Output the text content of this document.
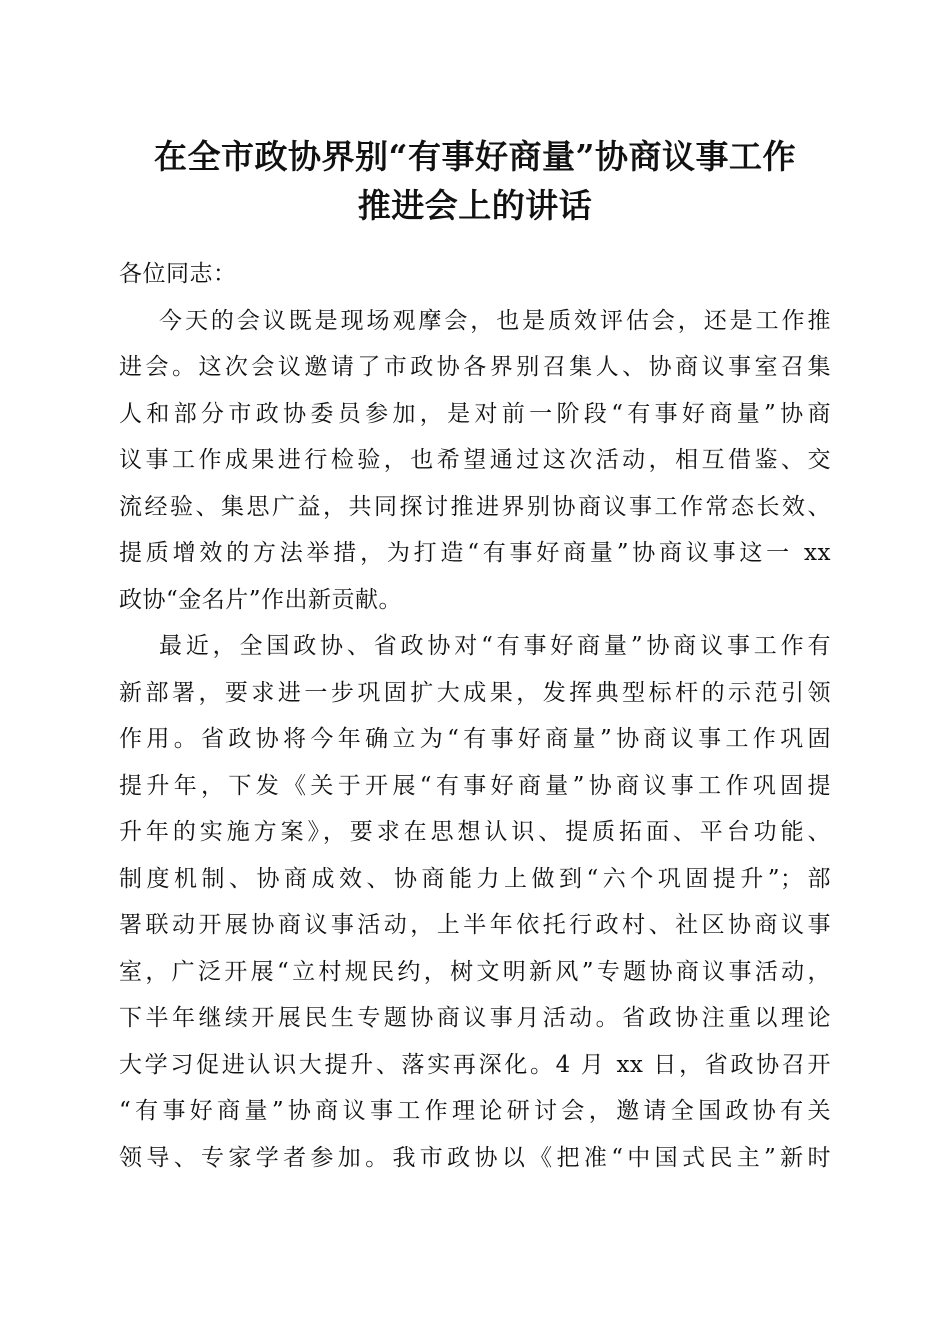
在全市政协界别“有事好商量”协商议事工作
推进会上的讲话
各位同志：
今天的会议既是现场观摩会，也是质效评估会，还是工作推
进会。这次会议邀请了市政协各界别召集人、协商议事室召集
人和部分市政协委员参加，是对前一阶段“有事好商量”协商
议事工作成果进行检验，也希望通过这次活动，相互借鉴、交
流经验、集思广益，共同探讨推进界别协商议事工作常态长效、
提质增效的方法举措，为打造“有事好商量”协商议事这一 xx
政协“金名片”作出新贡献。
最近，全国政协、省政协对“有事好商量”协商议事工作有
新部署，要求进一步巩固扩大成果，发挥典型标杆的示范引领
作用。省政协将今年确立为“有事好商量”协商议事工作巩固
提升年，下发《关于开展“有事好商量”协商议事工作巩固提
升年的实施方案》，要求在思想认识、提质拓面、平台功能、
制度机制、协商成效、协商能力上做到“六个巩固提升”；部
署联动开展协商议事活动，上半年依托行政村、社区协商议事
室，广泛开展“立村规民约，树文明新风”专题协商议事活动，
下半年继续开展民生专题协商议事月活动。省政协注重以理论
大学习促进认识大提升、落实再深化。4 月 xx 日，省政协召开
“有事好商量”协商议事工作理论研讨会，邀请全国政协有关
领导、专家学者参加。我市政协以《把准“中国式民主”新时
